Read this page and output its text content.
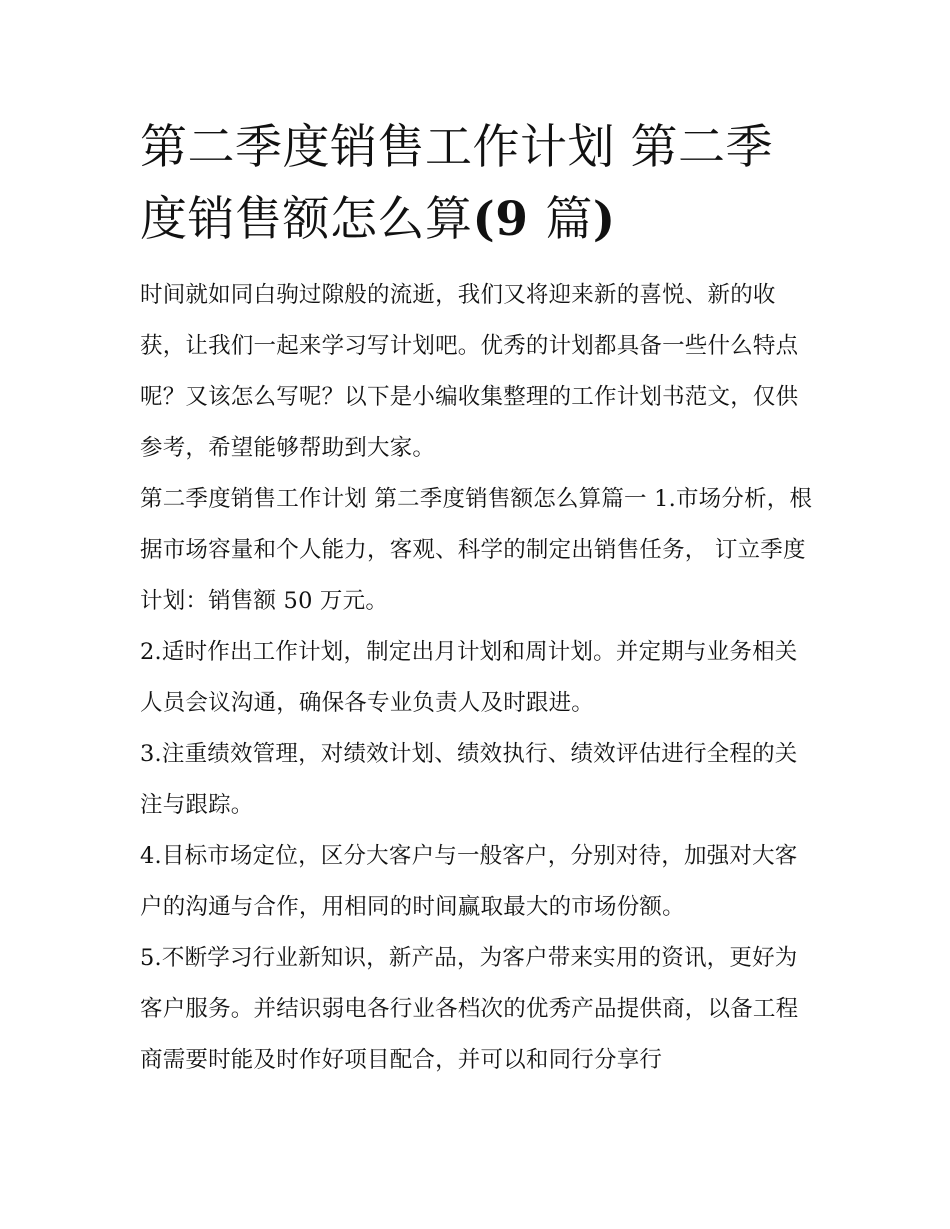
第二季度销售工作计划 第二季度销售额怎么算(9 篇)

时间就如同白驹过隙般的流逝，我们又将迎来新的喜悦、新的收获，让我们一起来学习写计划吧。优秀的计划都具备一些什么特点呢？又该怎么写呢？以下是小编收集整理的工作计划书范文，仅供参考，希望能够帮助到大家。

第二季度销售工作计划 第二季度销售额怎么算篇一 1.市场分析，根据市场容量和个人能力，客观、科学的制定出销售任务， 订立季度计划：销售额 50 万元。

2.适时作出工作计划，制定出月计划和周计划。并定期与业务相关人员会议沟通，确保各专业负责人及时跟进。

3.注重绩效管理，对绩效计划、绩效执行、绩效评估进行全程的关注与跟踪。

4.目标市场定位，区分大客户与一般客户，分别对待，加强对大客户的沟通与合作，用相同的时间赢取最大的市场份额。

5.不断学习行业新知识，新产品，为客户带来实用的资讯，更好为客户服务。并结识弱电各行业各档次的优秀产品提供商，以备工程商需要时能及时作好项目配合，并可以和同行分享行
